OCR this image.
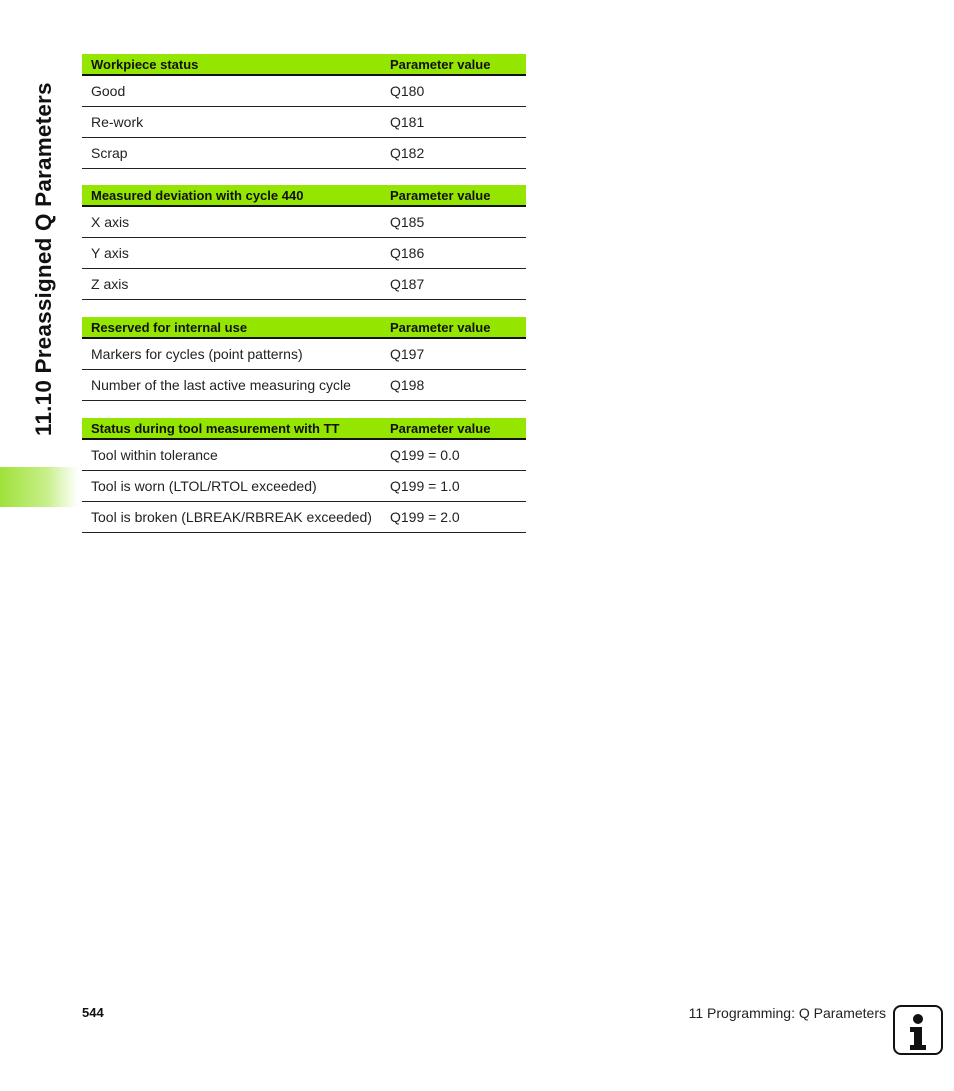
11.10 Preassigned Q Parameters
Workpiece status	Parameter value
Good	Q180
Re-work	Q181
Scrap	Q182
Measured deviation with cycle 440	Parameter value
X axis	Q185
Y axis	Q186
Z axis	Q187
Reserved for internal use	Parameter value
Markers for cycles (point patterns)	Q197
Number of the last active measuring cycle	Q198
Status during tool measurement with TT	Parameter value
Tool within tolerance	Q199 = 0.0
Tool is worn (LTOL/RTOL exceeded)	Q199 = 1.0
Tool is broken (LBREAK/RBREAK exceeded)	Q199 = 2.0
544	11 Programming: Q Parameters
